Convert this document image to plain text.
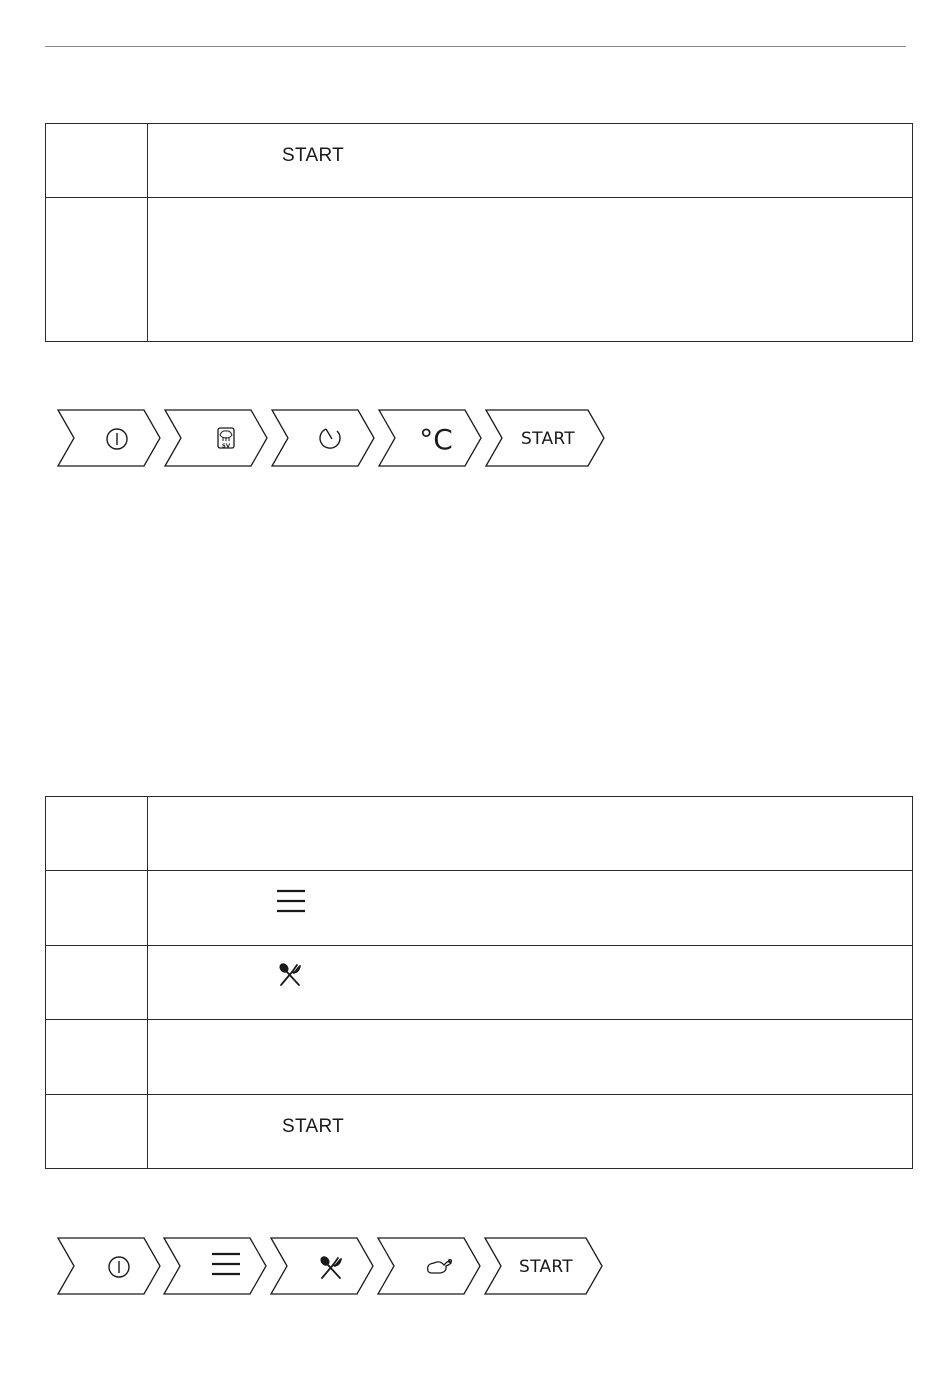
	START

SV	°C	START

	START
START
